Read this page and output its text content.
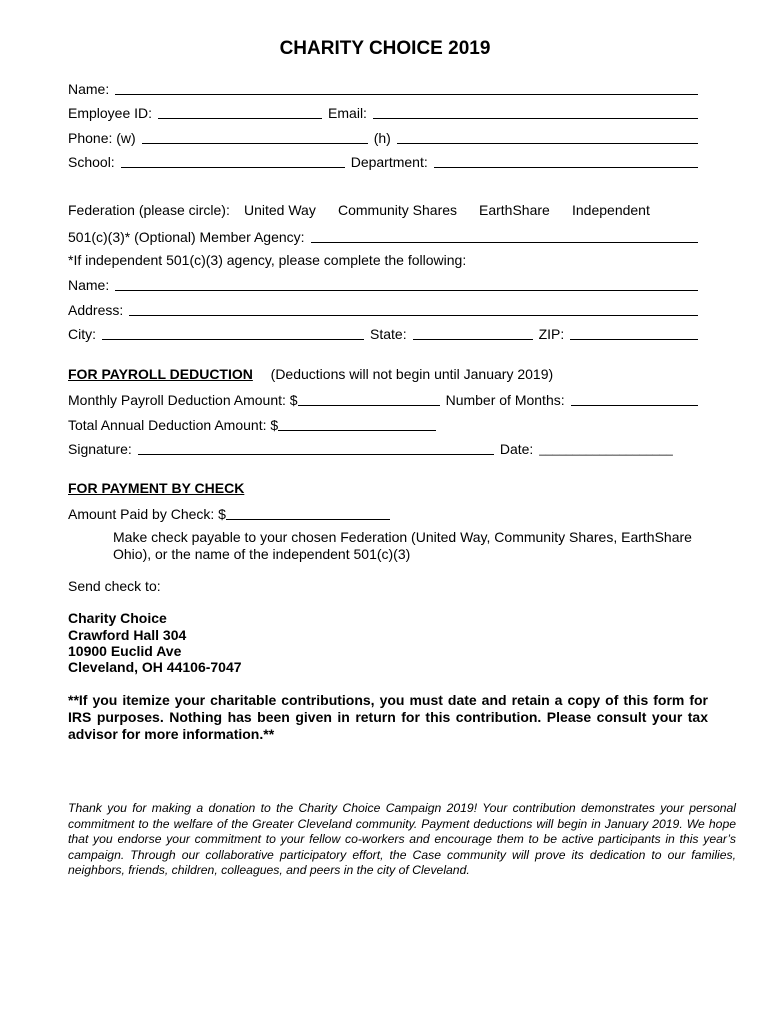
CHARITY CHOICE 2019
Name:
Employee ID:	Email:
Phone: (w)	(h)
School:	Department:
Federation (please circle): United Way Community Shares EarthShare Independent
501(c)(3)* (Optional) Member Agency:
*If independent 501(c)(3) agency, please complete the following:
Name:
Address:
City:	State:	ZIP:
FOR PAYROLL DEDUCTION (Deductions will not begin until January 2019)
Monthly Payroll Deduction Amount: $	Number of Months:
Total Annual Deduction Amount: $
Signature:	Date: ____________________
FOR PAYMENT BY CHECK
Amount Paid by Check: $
Make check payable to your chosen Federation (United Way, Community Shares, EarthShare Ohio), or the name of the independent 501(c)(3)
Send check to:
Charity Choice
Crawford Hall 304
10900 Euclid Ave
Cleveland, OH 44106-7047
**If you itemize your charitable contributions, you must date and retain a copy of this form for IRS purposes. Nothing has been given in return for this contribution. Please consult your tax advisor for more information.**
Thank you for making a donation to the Charity Choice Campaign 2019! Your contribution demonstrates your personal commitment to the welfare of the Greater Cleveland community. Payment deductions will begin in January 2019. We hope that you endorse your commitment to your fellow co-workers and encourage them to be active participants in this year’s campaign. Through our collaborative participatory effort, the Case community will prove its dedication to our families, neighbors, friends, children, colleagues, and peers in the city of Cleveland.
